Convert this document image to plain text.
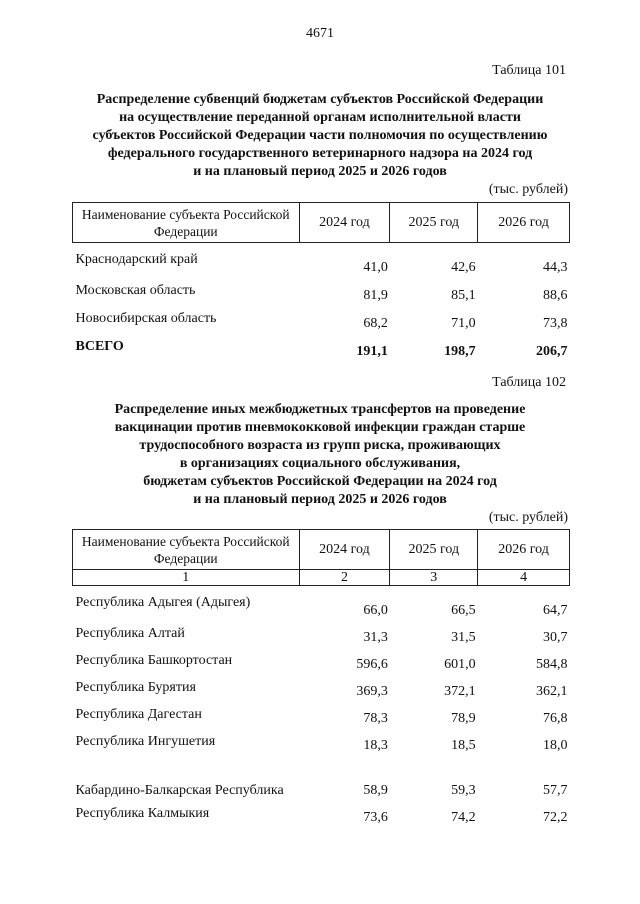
4671
Таблица 101
Распределение субвенций бюджетам субъектов Российской Федерации
на осуществление переданной органам исполнительной власти
субъектов Российской Федерации части полномочия по осуществлению
федерального государственного ветеринарного надзора на 2024 год
и на плановый период 2025 и 2026 годов
(тыс. рублей)
Наименование субъекта Российской Федерации	2024 год	2025 год	2026 год
Краснодарский край	41,0	42,6	44,3
Московская область	81,9	85,1	88,6
Новосибирская область	68,2	71,0	73,8
ВСЕГО	191,1	198,7	206,7
Таблица 102
Распределение иных межбюджетных трансфертов на проведение
вакцинации против пневмококковой инфекции граждан старше
трудоспособного возраста из групп риска, проживающих
в организациях социального обслуживания,
бюджетам субъектов Российской Федерации на 2024 год
и на плановый период 2025 и 2026 годов
(тыс. рублей)
Наименование субъекта Российской Федерации	2024 год	2025 год	2026 год
1	2	3	4
Республика Адыгея (Адыгея)	66,0	66,5	64,7
Республика Алтай	31,3	31,5	30,7
Республика Башкортостан	596,6	601,0	584,8
Республика Бурятия	369,3	372,1	362,1
Республика Дагестан	78,3	78,9	76,8
Республика Ингушетия	18,3	18,5	18,0
Кабардино-Балкарская Республика	58,9	59,3	57,7
Республика Калмыкия	73,6	74,2	72,2
